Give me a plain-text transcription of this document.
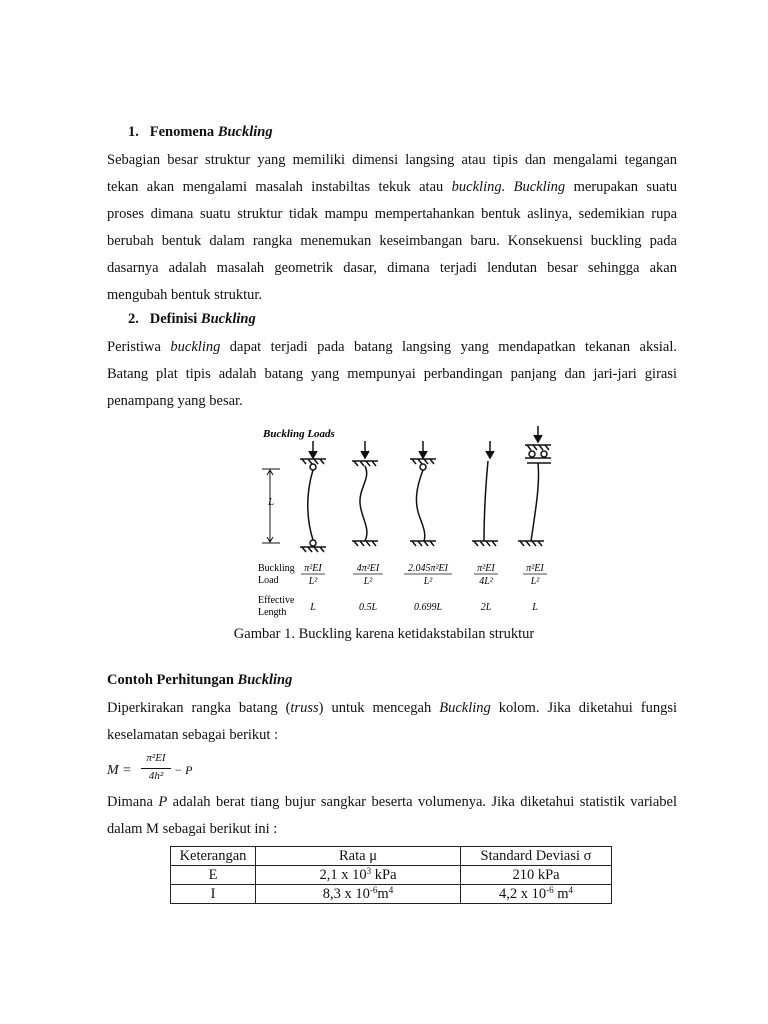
1. Fenomena Buckling
Sebagian besar struktur yang memiliki dimensi langsing atau tipis dan mengalami tegangan
tekan akan mengalami masalah instabiltas tekuk atau buckling. Buckling merupakan suatu
proses dimana suatu struktur tidak mampu mempertahankan bentuk aslinya, sedemikian rupa
berubah bentuk dalam rangka menemukan keseimbangan baru. Konsekuensi buckling pada
dasarnya adalah masalah geometrik dasar, dimana terjadi lendutan besar sehingga akan
mengubah bentuk struktur.
2. Definisi Buckling
Peristiwa buckling dapat terjadi pada batang langsing yang mendapatkan tekanan aksial.
Batang plat tipis adalah batang yang mempunyai perbandingan panjang dan jari-jari girasi
penampang yang besar.
Buckling Loads
L
Buckling
Load
Effective
Length
π²EI
L²
4π²EI
L²
2.045π²EI
L²
π²EI
4L²
π²EI
L²
L	0.5L	0.699L	2L	L
Gambar 1. Buckling karena ketidakstabilan struktur
Contoh Perhitungan Buckling
Diperkirakan rangka batang (truss) untuk mencegah Buckling kolom. Jika diketahui fungsi
keselamatan sebagai berikut :
M =
π²EI
4h² − P
Dimana P adalah berat tiang bujur sangkar beserta volumenya. Jika diketahui statistik variabel
dalam M sebagai berikut ini :
Keterangan	Rata μ	Standard Deviasi σ
E	2,1 x $10^3$ kPa	210 kPa
I	8,3 x $10^{-6}m^4$	4,2 x $10^{-6}$ $m^4$
